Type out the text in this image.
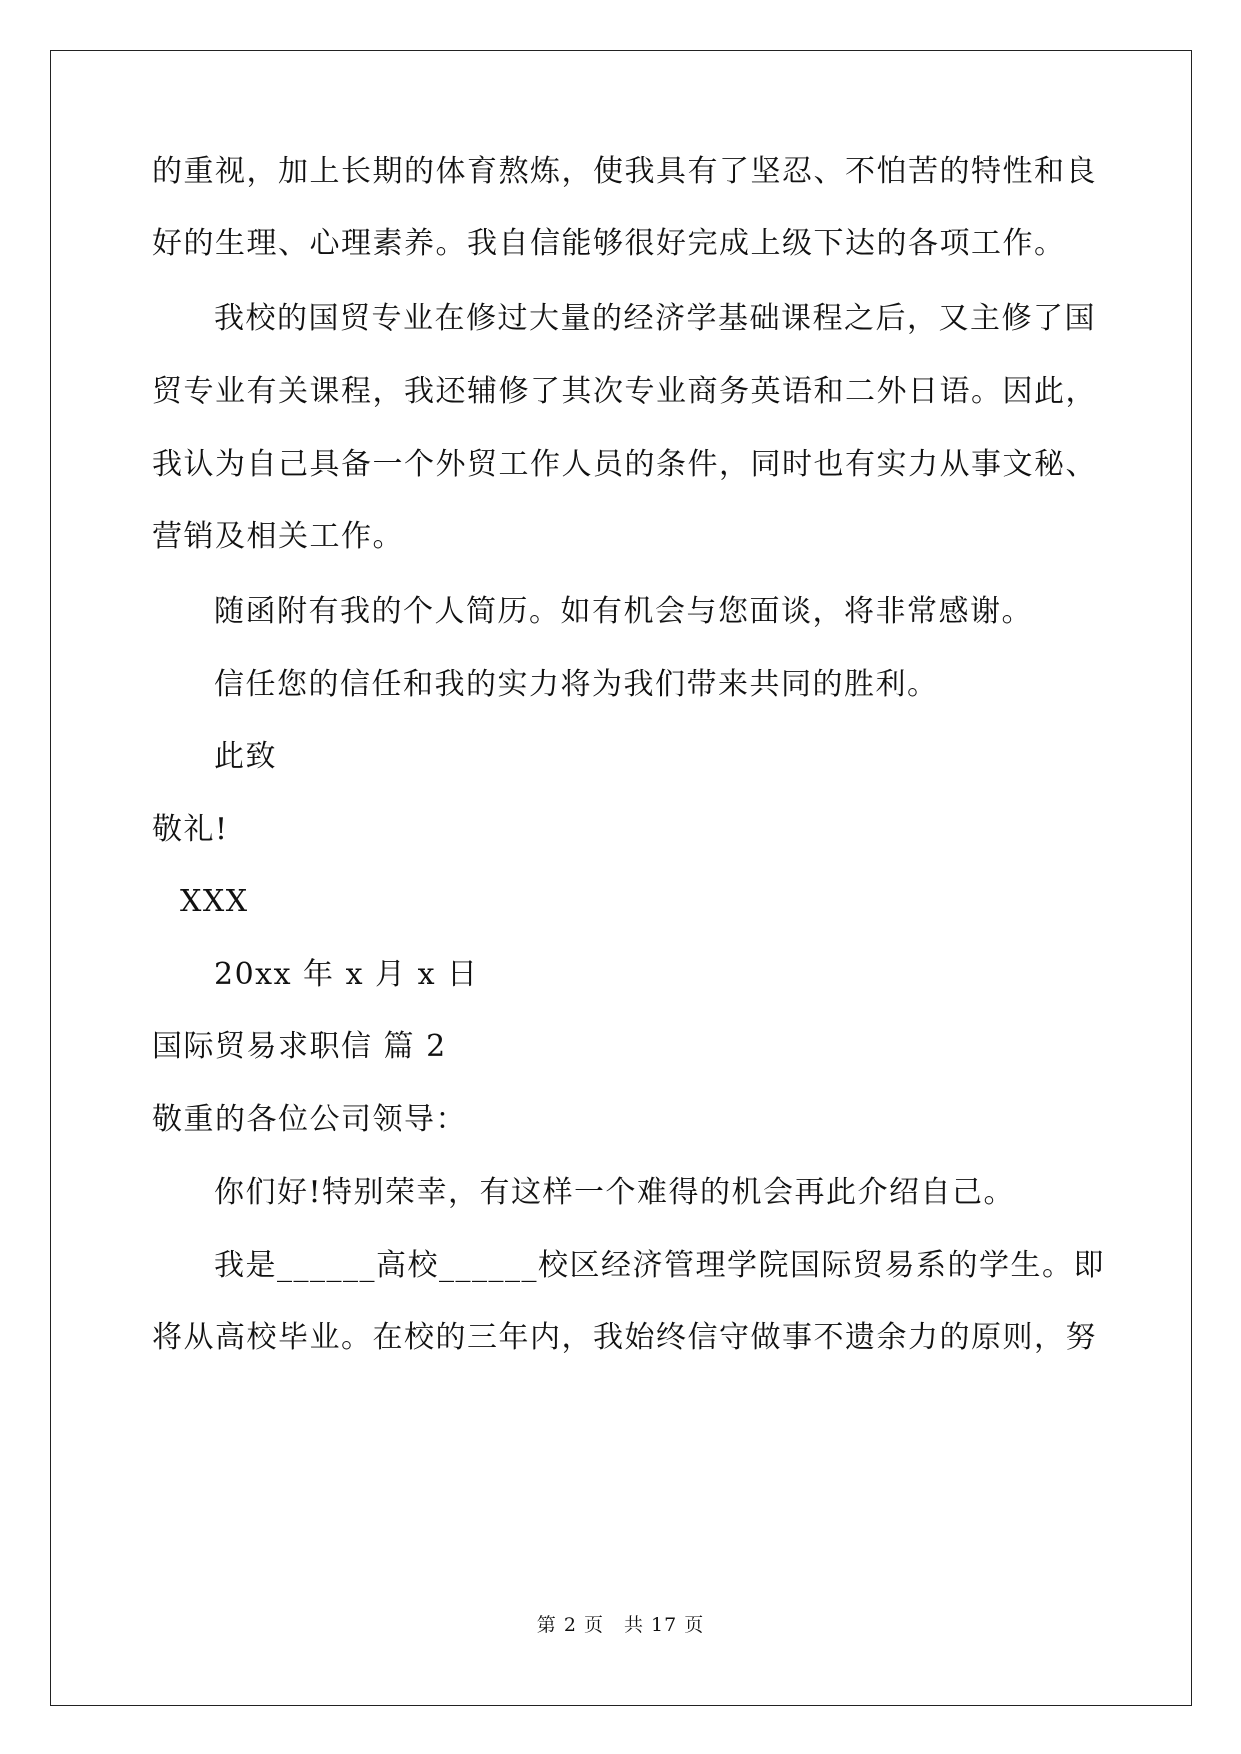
的重视，加上长期的体育熬炼，使我具有了坚忍、不怕苦的特性和良
好的生理、心理素养。我自信能够很好完成上级下达的各项工作。
我校的国贸专业在修过大量的经济学基础课程之后，又主修了国
贸专业有关课程，我还辅修了其次专业商务英语和二外日语。因此，
我认为自己具备一个外贸工作人员的条件，同时也有实力从事文秘、
营销及相关工作。
随函附有我的个人简历。如有机会与您面谈，将非常感谢。
信任您的信任和我的实力将为我们带来共同的胜利。
此致
敬礼!
XXX
20xx 年 x 月 x 日
国际贸易求职信 篇 2
敬重的各位公司领导：
你们好!特别荣幸，有这样一个难得的机会再此介绍自己。
我是______高校______校区经济管理学院国际贸易系的学生。即
将从高校毕业。在校的三年内，我始终信守做事不遗余力的原则，努
第 2 页　共 17 页
